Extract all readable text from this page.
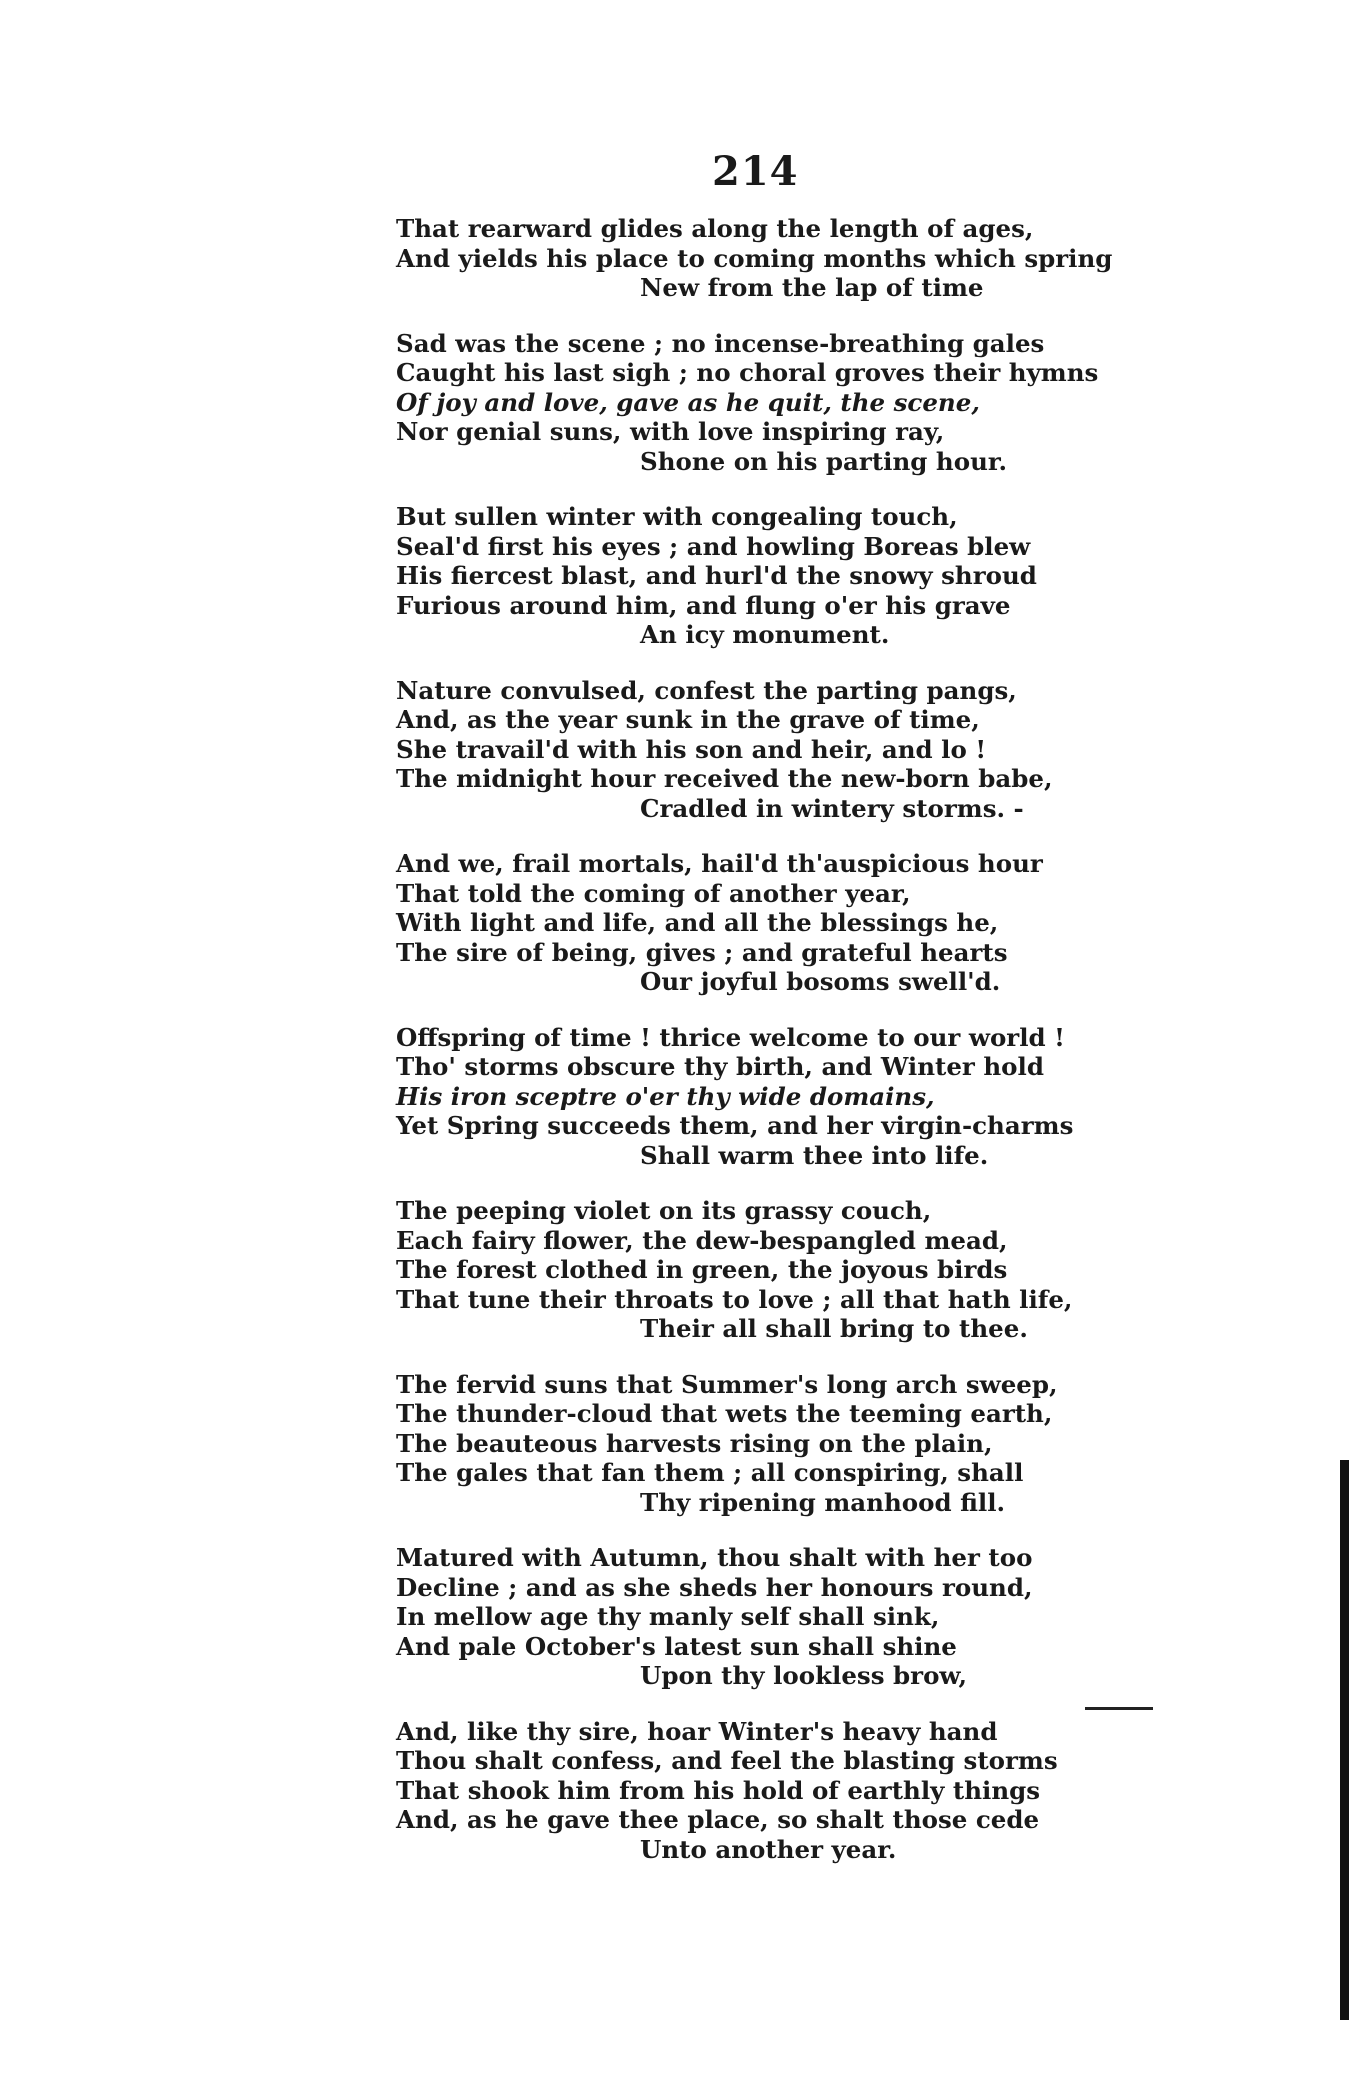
214
That rearward glides along the length of ages,
And yields his place to coming months which spring
New from the lap of time
Sad was the scene ; no incense-breathing gales
Caught his last sigh ; no choral groves their hymns
Of joy and love, gave as he quit, the scene,
Nor genial suns, with love inspiring ray,
Shone on his parting hour.
But sullen winter with congealing touch,
Seal'd first his eyes ; and howling Boreas blew
His fiercest blast, and hurl'd the snowy shroud
Furious around him, and flung o'er his grave
An icy monument.
Nature convulsed, confest the parting pangs,
And, as the year sunk in the grave of time,
She travail'd with his son and heir, and lo !
The midnight hour received the new-born babe,
Cradled in wintery storms. -
And we, frail mortals, hail'd th'auspicious hour
That told the coming of another year,
With light and life, and all the blessings he,
The sire of being, gives ; and grateful hearts
Our joyful bosoms swell'd.
Offspring of time ! thrice welcome to our world !
Tho' storms obscure thy birth, and Winter hold
His iron sceptre o'er thy wide domains,
Yet Spring succeeds them, and her virgin-charms
Shall warm thee into life.
The peeping violet on its grassy couch,
Each fairy flower, the dew-bespangled mead,
The forest clothed in green, the joyous birds
That tune their throats to love ; all that hath life,
Their all shall bring to thee.
The fervid suns that Summer's long arch sweep,
The thunder-cloud that wets the teeming earth,
The beauteous harvests rising on the plain,
The gales that fan them ; all conspiring, shall
Thy ripening manhood fill.
Matured with Autumn, thou shalt with her too
Decline ; and as she sheds her honours round,
In mellow age thy manly self shall sink,
And pale October's latest sun shall shine
Upon thy lookless brow,
And, like thy sire, hoar Winter's heavy hand
Thou shalt confess, and feel the blasting storms
That shook him from his hold of earthly things
And, as he gave thee place, so shalt those cede
Unto another year.
